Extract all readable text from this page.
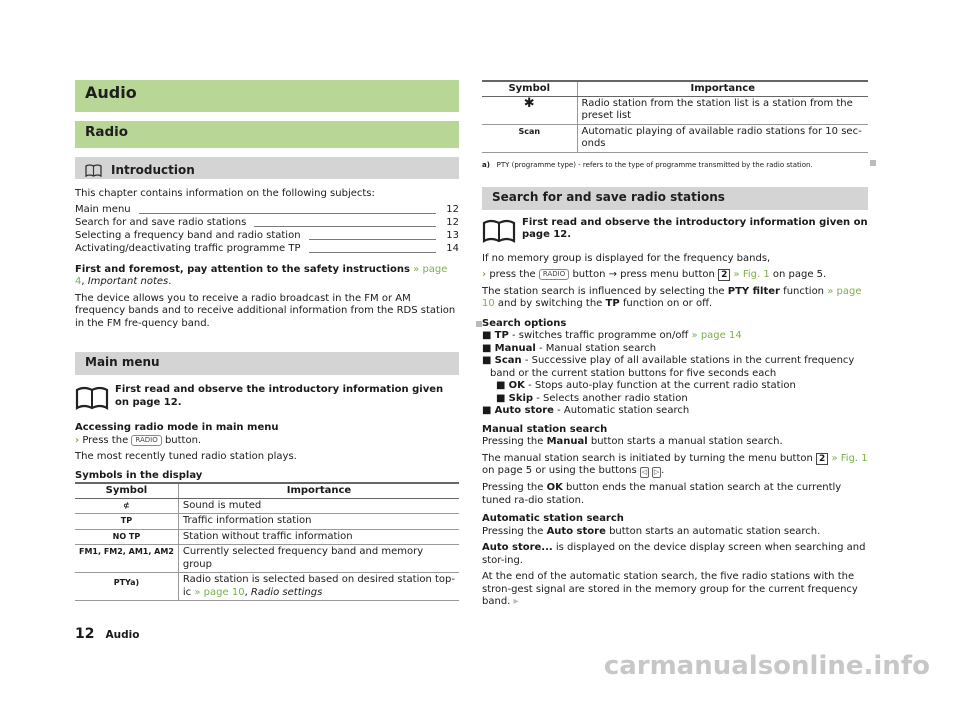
Audio
Radio
Introduction

This chapter contains information on the following subjects:

Main menu	12
Search for and save radio stations	12
Selecting a frequency band and radio station	13
Activating/deactivating traffic programme TP	14

First and foremost, pay attention to the safety instructions » page 4, Important notes.

The device allows you to receive a radio broadcast in the FM or AM frequency bands and to receive additional information from the RDS station in the FM fre-quency band.

Main menu
First read and observe the introductory information given on page 12.

Accessing radio mode in main menu

› Press the RADIO button.

The most recently tuned radio station plays.

Symbols in the display

Symbol	Importance
⊄	Sound is muted
TP	Traffic information station
NO TP	Station without traffic information
FM1, FM2, AM1, AM2	Currently selected frequency band and memory group
PTYa)	Radio station is selected based on desired station top-ic » page 10, Radio settings
Symbol	Importance
✱	Radio station from the station list is a station from the preset list
Scan	Automatic playing of available radio stations for 10 sec-onds

a) PTY (programme type) - refers to the type of programme transmitted by the radio station.

Search for and save radio stations
First read and observe the introductory information given on page 12.

If no memory group is displayed for the frequency bands,

› press the RADIO button → press menu button 2 » Fig. 1 on page 5.

The station search is influenced by selecting the PTY filter function » page 10 and by switching the TP function on or off.

Search options

■ TP - switches traffic programme on/off » page 14
■ Manual - Manual station search
■ Scan - Successive play of all available stations in the current frequency band or the current station buttons for five seconds each
■ OK - Stops auto-play function at the current radio station
■ Skip - Selects another radio station
■ Auto store - Automatic station search

Manual station search

Pressing the Manual button starts a manual station search.

The manual station search is initiated by turning the menu button 2 » Fig. 1 on page 5 or using the buttons ◁ ▷ .

Pressing the OK button ends the manual station search at the currently tuned ra-dio station.

Automatic station search

Pressing the Auto store button starts an automatic station search.

Auto store... is displayed on the device display screen when searching and stor-ing.

At the end of the automatic station search, the five radio stations with the stron-gest signal are stored in the memory group for the current frequency band. ▸

12 Audio
carmanualsonline.info
